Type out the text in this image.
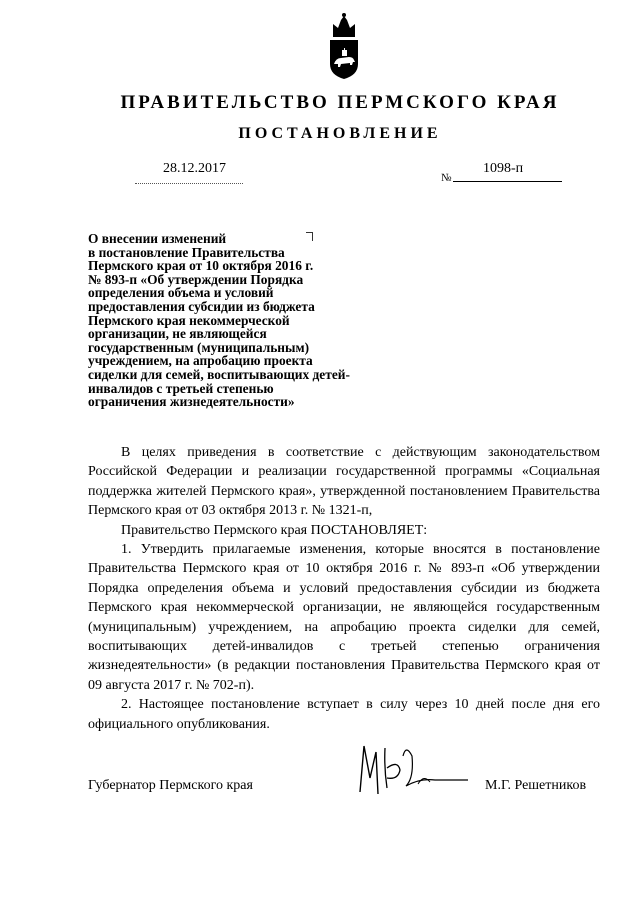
ПРАВИТЕЛЬСТВО ПЕРМСКОГО КРАЯ
ПОСТАНОВЛЕНИЕ
28.12.2017
№
1098-п

О внесении изменений
в постановление Правительства
Пермского края от 10 октября 2016 г.
№ 893-п «Об утверждении Порядка
определения объема и условий
предоставления субсидии из бюджета
Пермского края некоммерческой
организации, не являющейся
государственным (муниципальным)
учреждением, на апробацию проекта
сиделки для семей, воспитывающих детей-
инвалидов с третьей степенью
ограничения жизнедеятельности»

В целях приведения в соответствие с действующим законодательством Российской Федерации и реализации государственной программы «Социальная поддержка жителей Пермского края», утвержденной постановлением Правительства Пермского края от 03 октября 2013 г. № 1321-п,

Правительство Пермского края ПОСТАНОВЛЯЕТ:

1. Утвердить прилагаемые изменения, которые вносятся в постановление Правительства Пермского края от 10 октября 2016 г. № 893-п «Об утверждении Порядка определения объема и условий предоставления субсидии из бюджета Пермского края некоммерческой организации, не являющейся государственным (муниципальным) учреждением, на апробацию проекта сиделки для семей, воспитывающих детей-инвалидов с третьей степенью ограничения жизнедеятельности» (в редакции постановления Правительства Пермского края от 09 августа 2017 г. № 702-п).

2. Настоящее постановление вступает в силу через 10 дней после дня его официального опубликования.

Губернатор Пермского края	М.Г. Решетников
